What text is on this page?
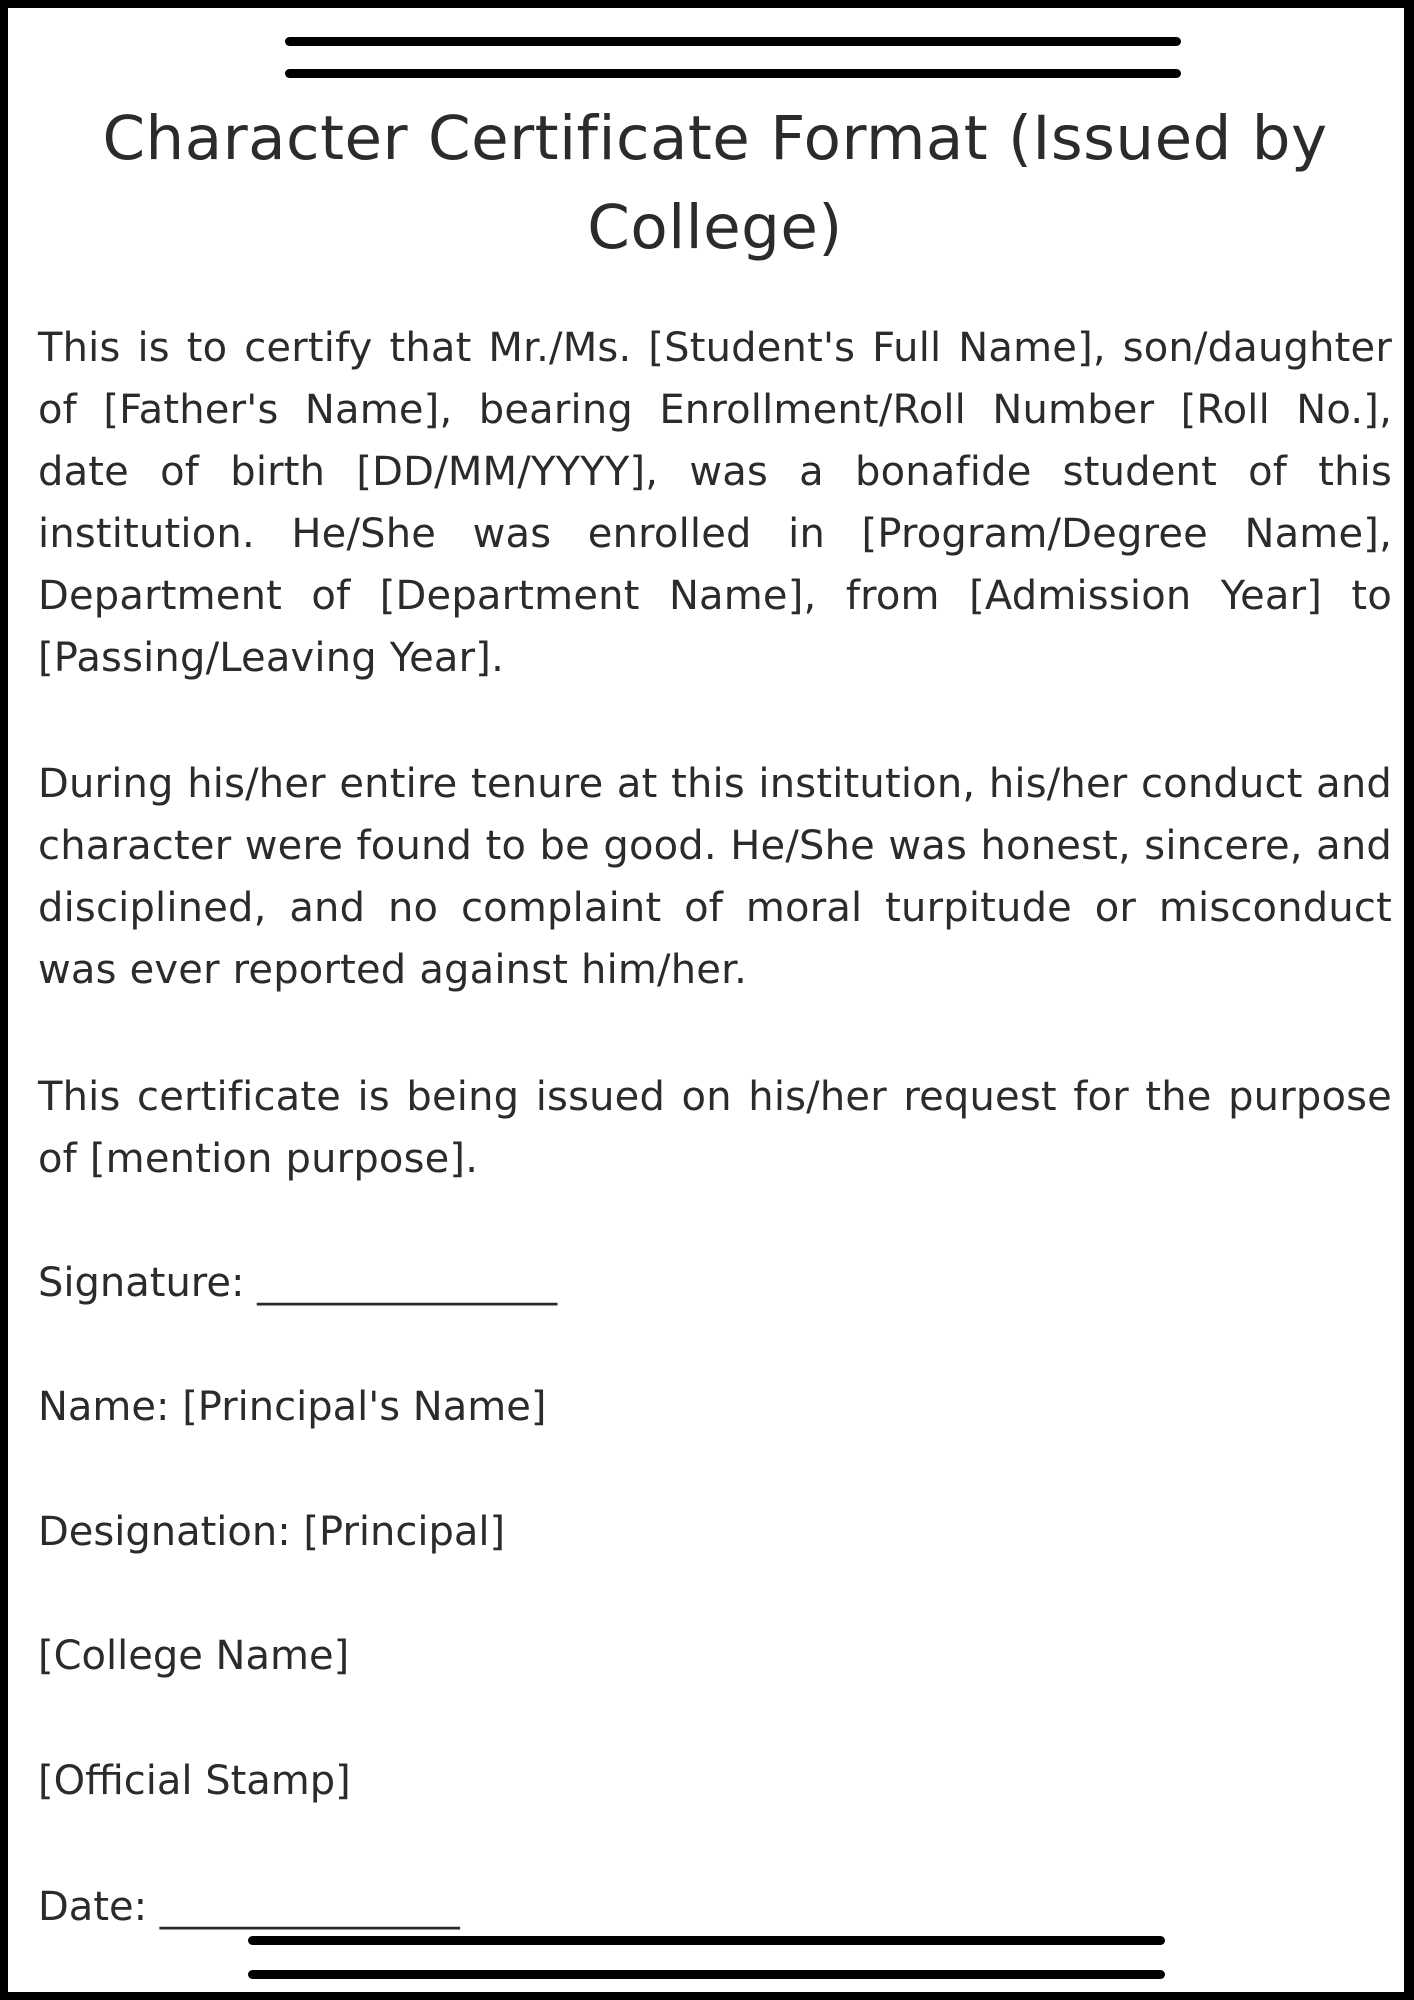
Character Certificate Format (Issued by College)

This is to certify that Mr./Ms. [Student's Full Name], son/daughter of [Father's Name], bearing Enrollment/Roll Number [Roll No.], date of birth [DD/MM/YYYY], was a bonafide student of this institution. He/She was enrolled in [Program/Degree Name], Department of [Department Name], from [Admission Year] to [Passing/Leaving Year].

During his/her entire tenure at this institution, his/her conduct and character were found to be good. He/She was honest, sincere, and disciplined, and no complaint of moral turpitude or misconduct was ever reported against him/her.

This certificate is being issued on his/her request for the purpose of [mention purpose].

Signature: _______________
Name: [Principal's Name]
Designation: [Principal]
[College Name]
[Official Stamp]
Date: _______________
